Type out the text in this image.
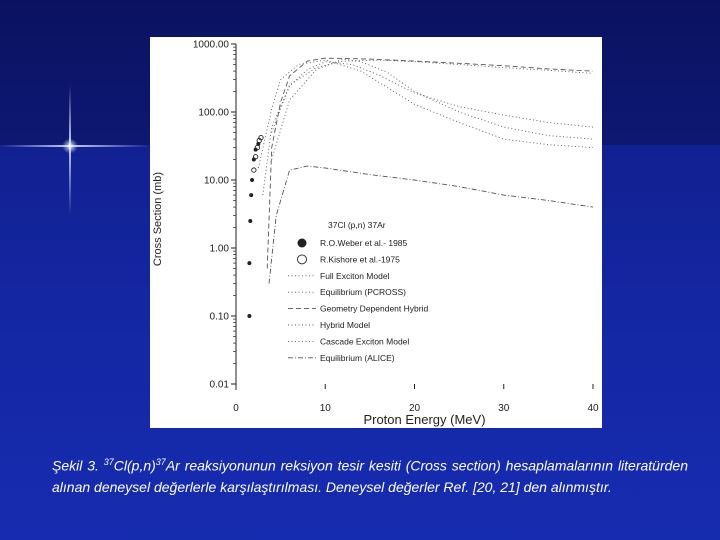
0.01
0.10
1.00
10.00
100.00
1000.00
0	10	20	30	40
Proton Energy (MeV)
Cross Section (mb)	37Cl (p,n) 37Ar
R.O.Weber et al.- 1985
R.Kishore et al.-1975
Full Exciton Model
Equilibrium (PCROSS)
Geometry Dependent Hybrid
Hybrid Model
Cascade Exciton Model
Equilibrium (ALICE)
Şekil 3. $^{37}Cl(p,n)^{37}Ar$ reaksiyonunun reksiyon tesir kesiti (Cross section) hesaplamalarının literatürden alınan deneysel değerlerle karşılaştırılması. Deneysel değerler Ref. [20, 21] den alınmıştır.
